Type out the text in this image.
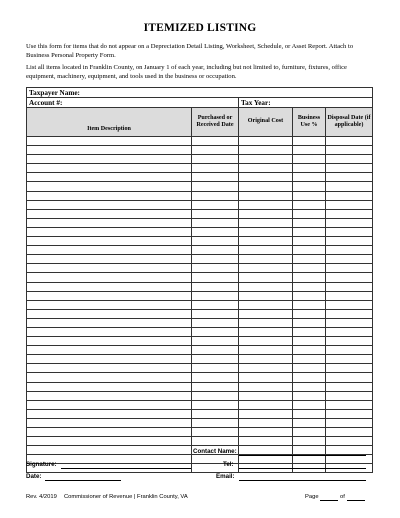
ITEMIZED LISTING
Use this form for items that do not appear on a Depreciation Detail Listing, Worksheet, Schedule, or Asset Report. Attach to Business Personal Property Form.
List all items located in Franklin County, on January 1 of each year, including but not limited to, furniture, fixtures, office equipment, machinery, equipment, and tools used in the business or occupation.
Taxpayer Name:				
Account #:		Tax Year:		
Item Description	Purchased or Received Date	Original Cost	Business Use %	Disposal Date (if applicable)

Contact Name:
Signature:	Tel:
Date:	Email:
Rev. 4/2019 Commissioner of Revenue | Franklin County, VA	Page	of
